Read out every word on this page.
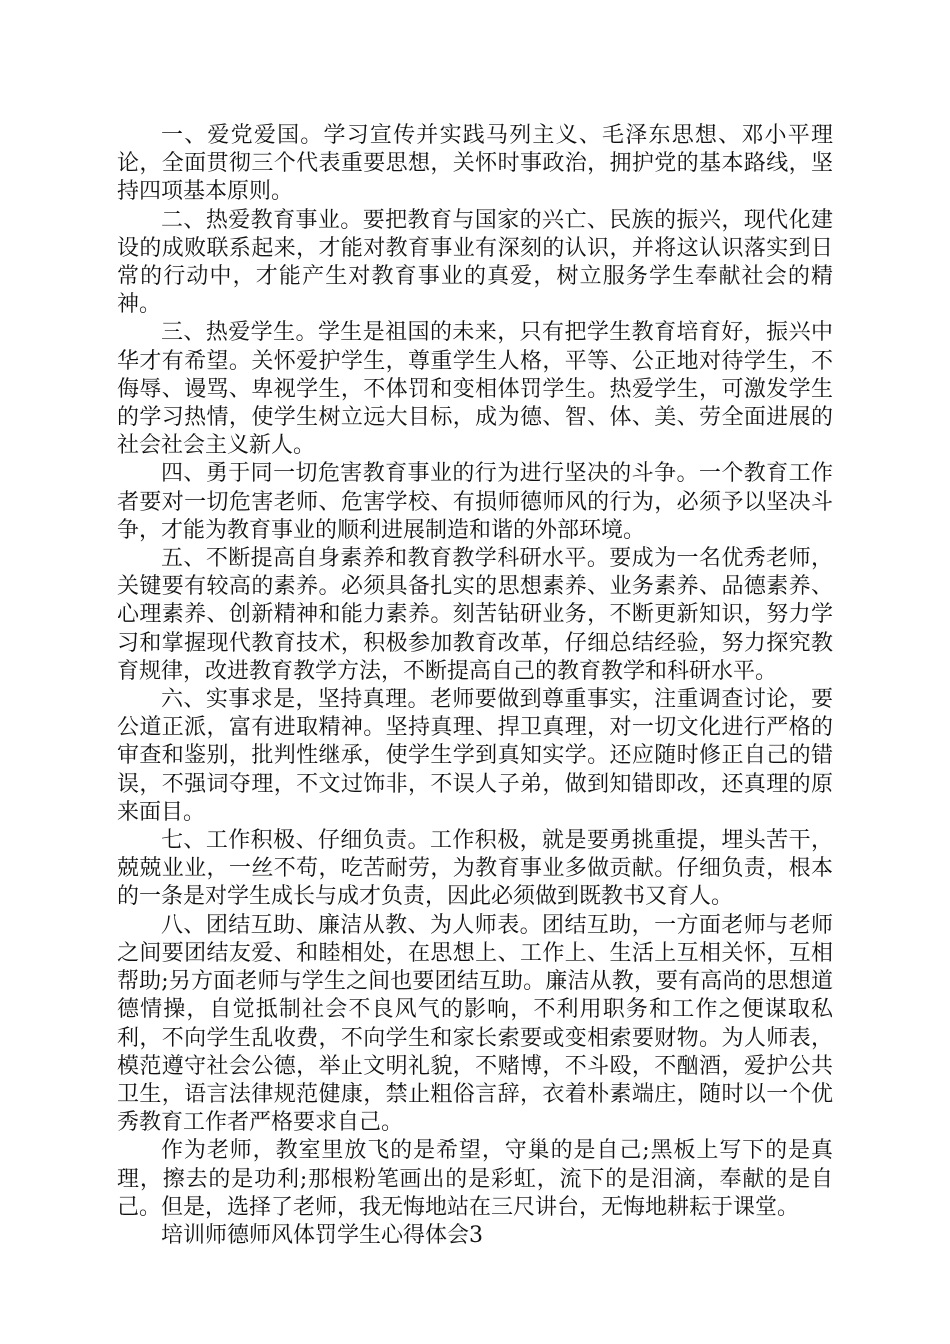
一、爱党爱国。学习宣传并实践马列主义、毛泽东思想、邓小平理论，全面贯彻三个代表重要思想，关怀时事政治，拥护党的基本路线，坚持四项基本原则。

二、热爱教育事业。要把教育与国家的兴亡、民族的振兴，现代化建设的成败联系起来，才能对教育事业有深刻的认识，并将这认识落实到日常的行动中，才能产生对教育事业的真爱，树立服务学生奉献社会的精神。

三、热爱学生。学生是祖国的未来，只有把学生教育培育好，振兴中华才有希望。关怀爱护学生，尊重学生人格，平等、公正地对待学生，不侮辱、谩骂、卑视学生，不体罚和变相体罚学生。热爱学生，可激发学生的学习热情，使学生树立远大目标，成为德、智、体、美、劳全面进展的社会社会主义新人。

四、勇于同一切危害教育事业的行为进行坚决的斗争。一个教育工作者要对一切危害老师、危害学校、有损师德师风的行为，必须予以坚决斗争，才能为教育事业的顺利进展制造和谐的外部环境。

五、不断提高自身素养和教育教学科研水平。要成为一名优秀老师，关键要有较高的素养。必须具备扎实的思想素养、业务素养、品德素养、心理素养、创新精神和能力素养。刻苦钻研业务，不断更新知识，努力学习和掌握现代教育技术，积极参加教育改革，仔细总结经验，努力探究教育规律，改进教育教学方法，不断提高自己的教育教学和科研水平。

六、实事求是，坚持真理。老师要做到尊重事实，注重调查讨论，要公道正派，富有进取精神。坚持真理、捍卫真理，对一切文化进行严格的审查和鉴别，批判性继承，使学生学到真知实学。还应随时修正自己的错误，不强词夺理，不文过饰非，不误人子弟，做到知错即改，还真理的原来面目。

七、工作积极、仔细负责。工作积极，就是要勇挑重提，埋头苦干，兢兢业业，一丝不苟，吃苦耐劳，为教育事业多做贡献。仔细负责，根本的一条是对学生成长与成才负责，因此必须做到既教书又育人。

八、团结互助、廉洁从教、为人师表。团结互助，一方面老师与老师之间要团结友爱、和睦相处，在思想上、工作上、生活上互相关怀，互相帮助;另方面老师与学生之间也要团结互助。廉洁从教，要有高尚的思想道德情操，自觉抵制社会不良风气的影响，不利用职务和工作之便谋取私利，不向学生乱收费，不向学生和家长索要或变相索要财物。为人师表，模范遵守社会公德，举止文明礼貌，不赌博，不斗殴，不酗酒，爱护公共卫生，语言法律规范健康，禁止粗俗言辞，衣着朴素端庄，随时以一个优秀教育工作者严格要求自己。

作为老师，教室里放飞的是希望，守巢的是自己;黑板上写下的是真理，擦去的是功利;那根粉笔画出的是彩虹，流下的是泪滴，奉献的是自己。但是，选择了老师，我无悔地站在三尺讲台，无悔地耕耘于课堂。

培训师德师风体罚学生心得体会3
